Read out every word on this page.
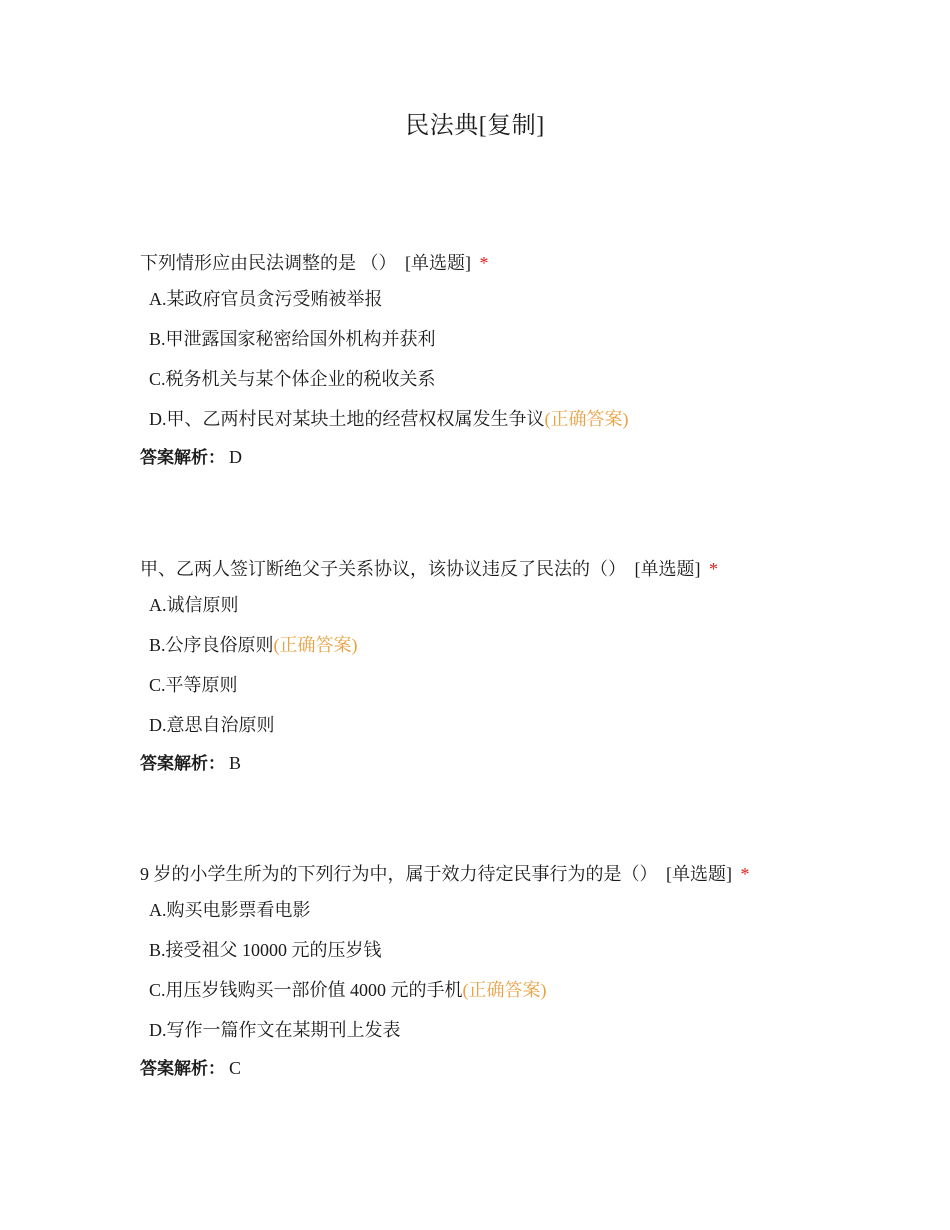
民法典[复制]
下列情形应由民法调整的是 （） [单选题] *
A.某政府官员贪污受贿被举报
B.甲泄露国家秘密给国外机构并获利
C.税务机关与某个体企业的税收关系
D.甲、乙两村民对某块土地的经营权权属发生争议(正确答案)
答案解析： D
甲、乙两人签订断绝父子关系协议，该协议违反了民法的（） [单选题] *
A.诚信原则
B.公序良俗原则(正确答案)
C.平等原则
D.意思自治原则
答案解析： B
9 岁的小学生所为的下列行为中，属于效力待定民事行为的是（） [单选题] *
A.购买电影票看电影
B.接受祖父 10000 元的压岁钱
C.用压岁钱购买一部价值 4000 元的手机(正确答案)
D.写作一篇作文在某期刊上发表
答案解析： C
